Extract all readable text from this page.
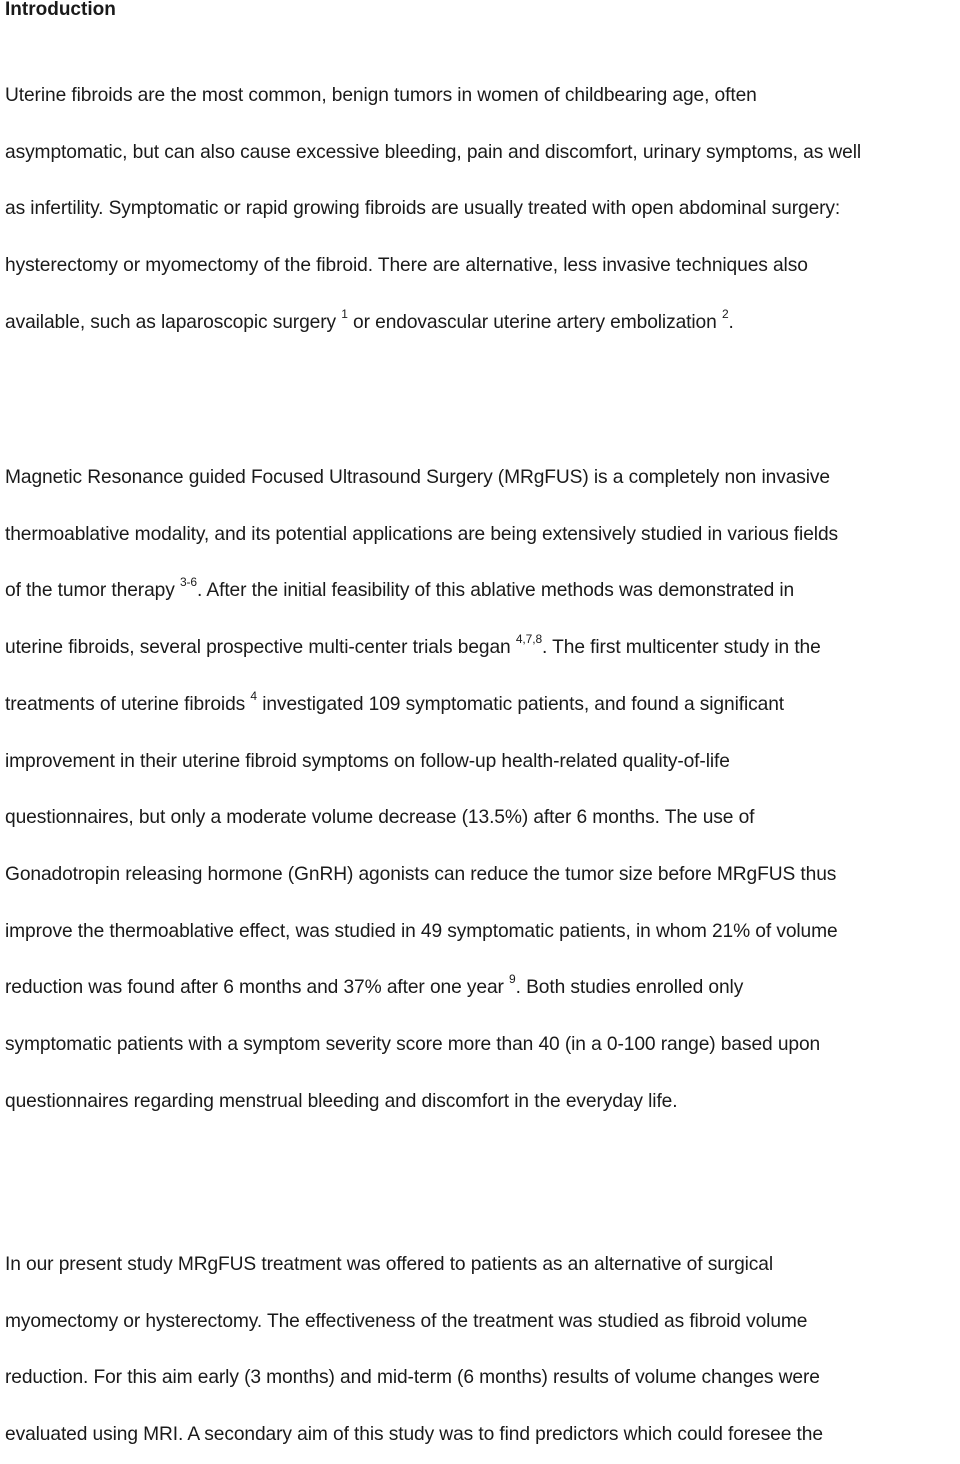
Introduction

Uterine fibroids are the most common, benign tumors in women of childbearing age, often
asymptomatic, but can also cause excessive bleeding, pain and discomfort, urinary symptoms, as well
as infertility. Symptomatic or rapid growing fibroids are usually treated with open abdominal surgery:
hysterectomy or myomectomy of the fibroid. There are alternative, less invasive techniques also
available, such as laparoscopic surgery $^1$ or endovascular uterine artery embolization $^2$.

Magnetic Resonance guided Focused Ultrasound Surgery (MRgFUS) is a completely non invasive
thermoablative modality, and its potential applications are being extensively studied in various fields
of the tumor therapy $^{3-6}$. After the initial feasibility of this ablative methods was demonstrated in
uterine fibroids, several prospective multi-center trials began $^{4,7,8}$. The first multicenter study in the
treatments of uterine fibroids $^4$ investigated 109 symptomatic patients, and found a significant
improvement in their uterine fibroid symptoms on follow-up health-related quality-of-life
questionnaires, but only a moderate volume decrease (13.5%) after 6 months. The use of
Gonadotropin releasing hormone (GnRH) agonists can reduce the tumor size before MRgFUS thus
improve the thermoablative effect, was studied in 49 symptomatic patients, in whom 21% of volume
reduction was found after 6 months and 37% after one year $^9$. Both studies enrolled only
symptomatic patients with a symptom severity score more than 40 (in a 0-100 range) based upon
questionnaires regarding menstrual bleeding and discomfort in the everyday life.

In our present study MRgFUS treatment was offered to patients as an alternative of surgical
myomectomy or hysterectomy. The effectiveness of the treatment was studied as fibroid volume
reduction. For this aim early (3 months) and mid-term (6 months) results of volume changes were
evaluated using MRI. A secondary aim of this study was to find predictors which could foresee the
